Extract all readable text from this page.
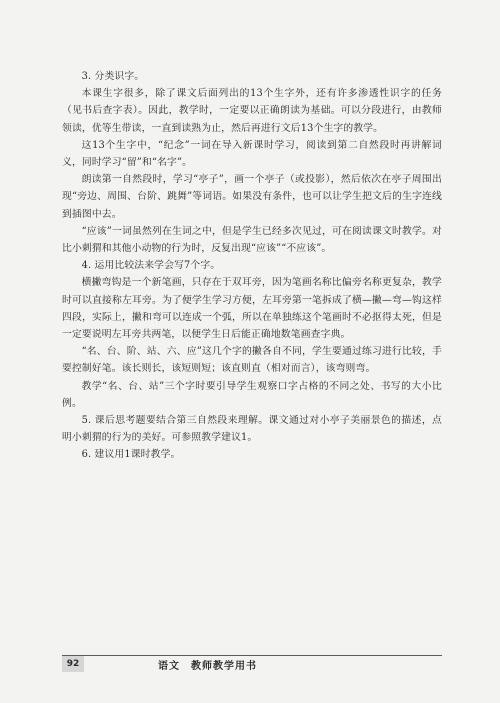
3. 分类识字。

本课生字很多，除了课文后面列出的13个生字外，还有许多渗透性识字的任务（见书后查字表）。因此，教学时，一定要以正确朗读为基础。可以分段进行，由教师领读，优等生带读，一直到读熟为止，然后再进行文后13个生字的教学。

这13个生字中，“纪念”一词在导入新课时学习，阅读到第二自然段时再讲解词义，同时学习“留”和“名字”。

朗读第一自然段时，学习“亭子”，画一个亭子（或投影），然后依次在亭子周围出现“旁边、周围、台阶、跳舞”等词语。如果没有条件，也可以让学生把文后的生字连线到插图中去。

“应该”一词虽然列在生词之中，但是学生已经多次见过，可在阅读课文时教学。对比小刺猬和其他小动物的行为时，反复出现“应该”“不应该”。

4. 运用比较法来学会写7个字。

横撇弯钩是一个新笔画，只存在于双耳旁，因为笔画名称比偏旁名称更复杂，教学时可以直接称左耳旁。为了便学生学习方便，左耳旁第一笔拆成了横—撇—弯—钩这样四段，实际上，撇和弯可以连成一个弧，所以在单独练这个笔画时不必抠得太死，但是一定要说明左耳旁共两笔，以便学生日后能正确地数笔画查字典。

“名、台、阶、站、六、应”这几个字的撇各自不同，学生要通过练习进行比较，手要控制好笔。该长则长，该短则短；该直则直（相对而言），该弯则弯。

教学“名、台、站”三个字时要引导学生观察口字占格的不同之处、书写的大小比例。

5. 课后思考题要结合第三自然段来理解。课文通过对小亭子美丽景色的描述，点明小刺猬的行为的美好。可参照教学建议1。

6. 建议用1课时教学。

92	语文　教师教学用书
